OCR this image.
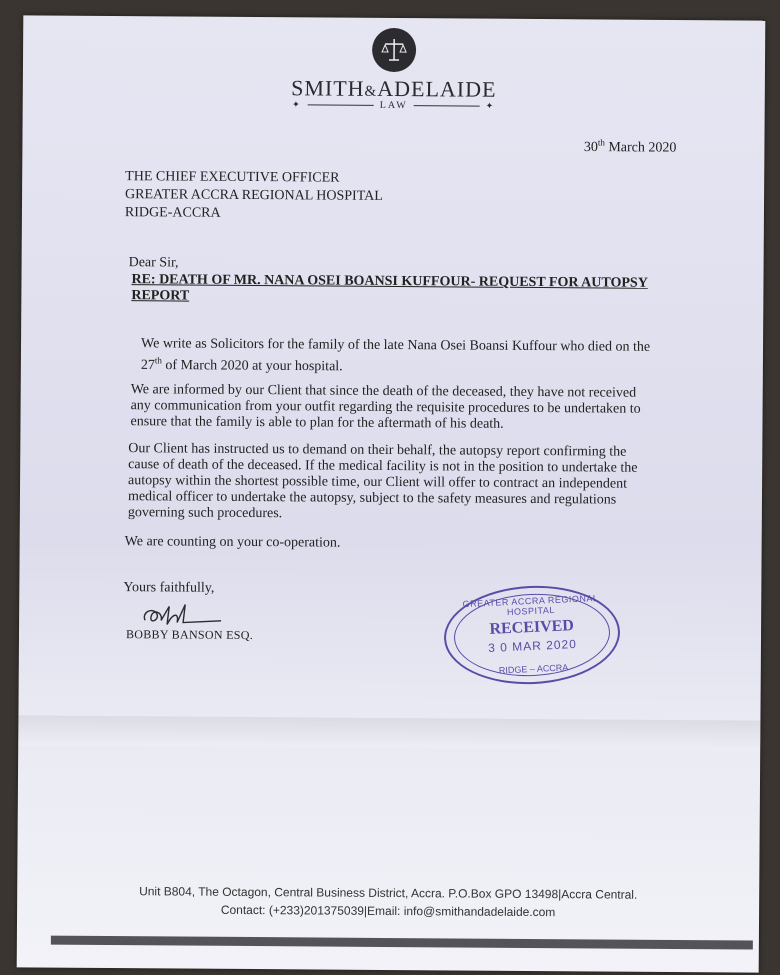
SMITH&ADELAIDE
✦	LAW	✦
30th March 2020
THE CHIEF EXECUTIVE OFFICER
GREATER ACCRA REGIONAL HOSPITAL
RIDGE-ACCRA
Dear Sir,
RE: DEATH OF MR. NANA OSEI BOANSI KUFFOUR- REQUEST FOR AUTOPSY REPORT
We write as Solicitors for the family of the late Nana Osei Boansi Kuffour who died on the 27th of March 2020 at your hospital.
We are informed by our Client that since the death of the deceased, they have not received any communication from your outfit regarding the requisite procedures to be undertaken to ensure that the family is able to plan for the aftermath of his death.
Our Client has instructed us to demand on their behalf, the autopsy report confirming the cause of death of the deceased. If the medical facility is not in the position to undertake the autopsy within the shortest possible time, our Client will offer to contract an independent medical officer to undertake the autopsy, subject to the safety measures and regulations governing such procedures.
We are counting on your co-operation.
Yours faithfully,
BOBBY BANSON ESQ.
GREATER ACCRA REGIONAL HOSPITAL
RECEIVED
3 0 MAR 2020
RIDGE – ACCRA
Unit B804, The Octagon, Central Business District, Accra. P.O.Box GPO 13498|Accra Central.
Contact: (+233)201375039|Email: info@smithandadelaide.com
